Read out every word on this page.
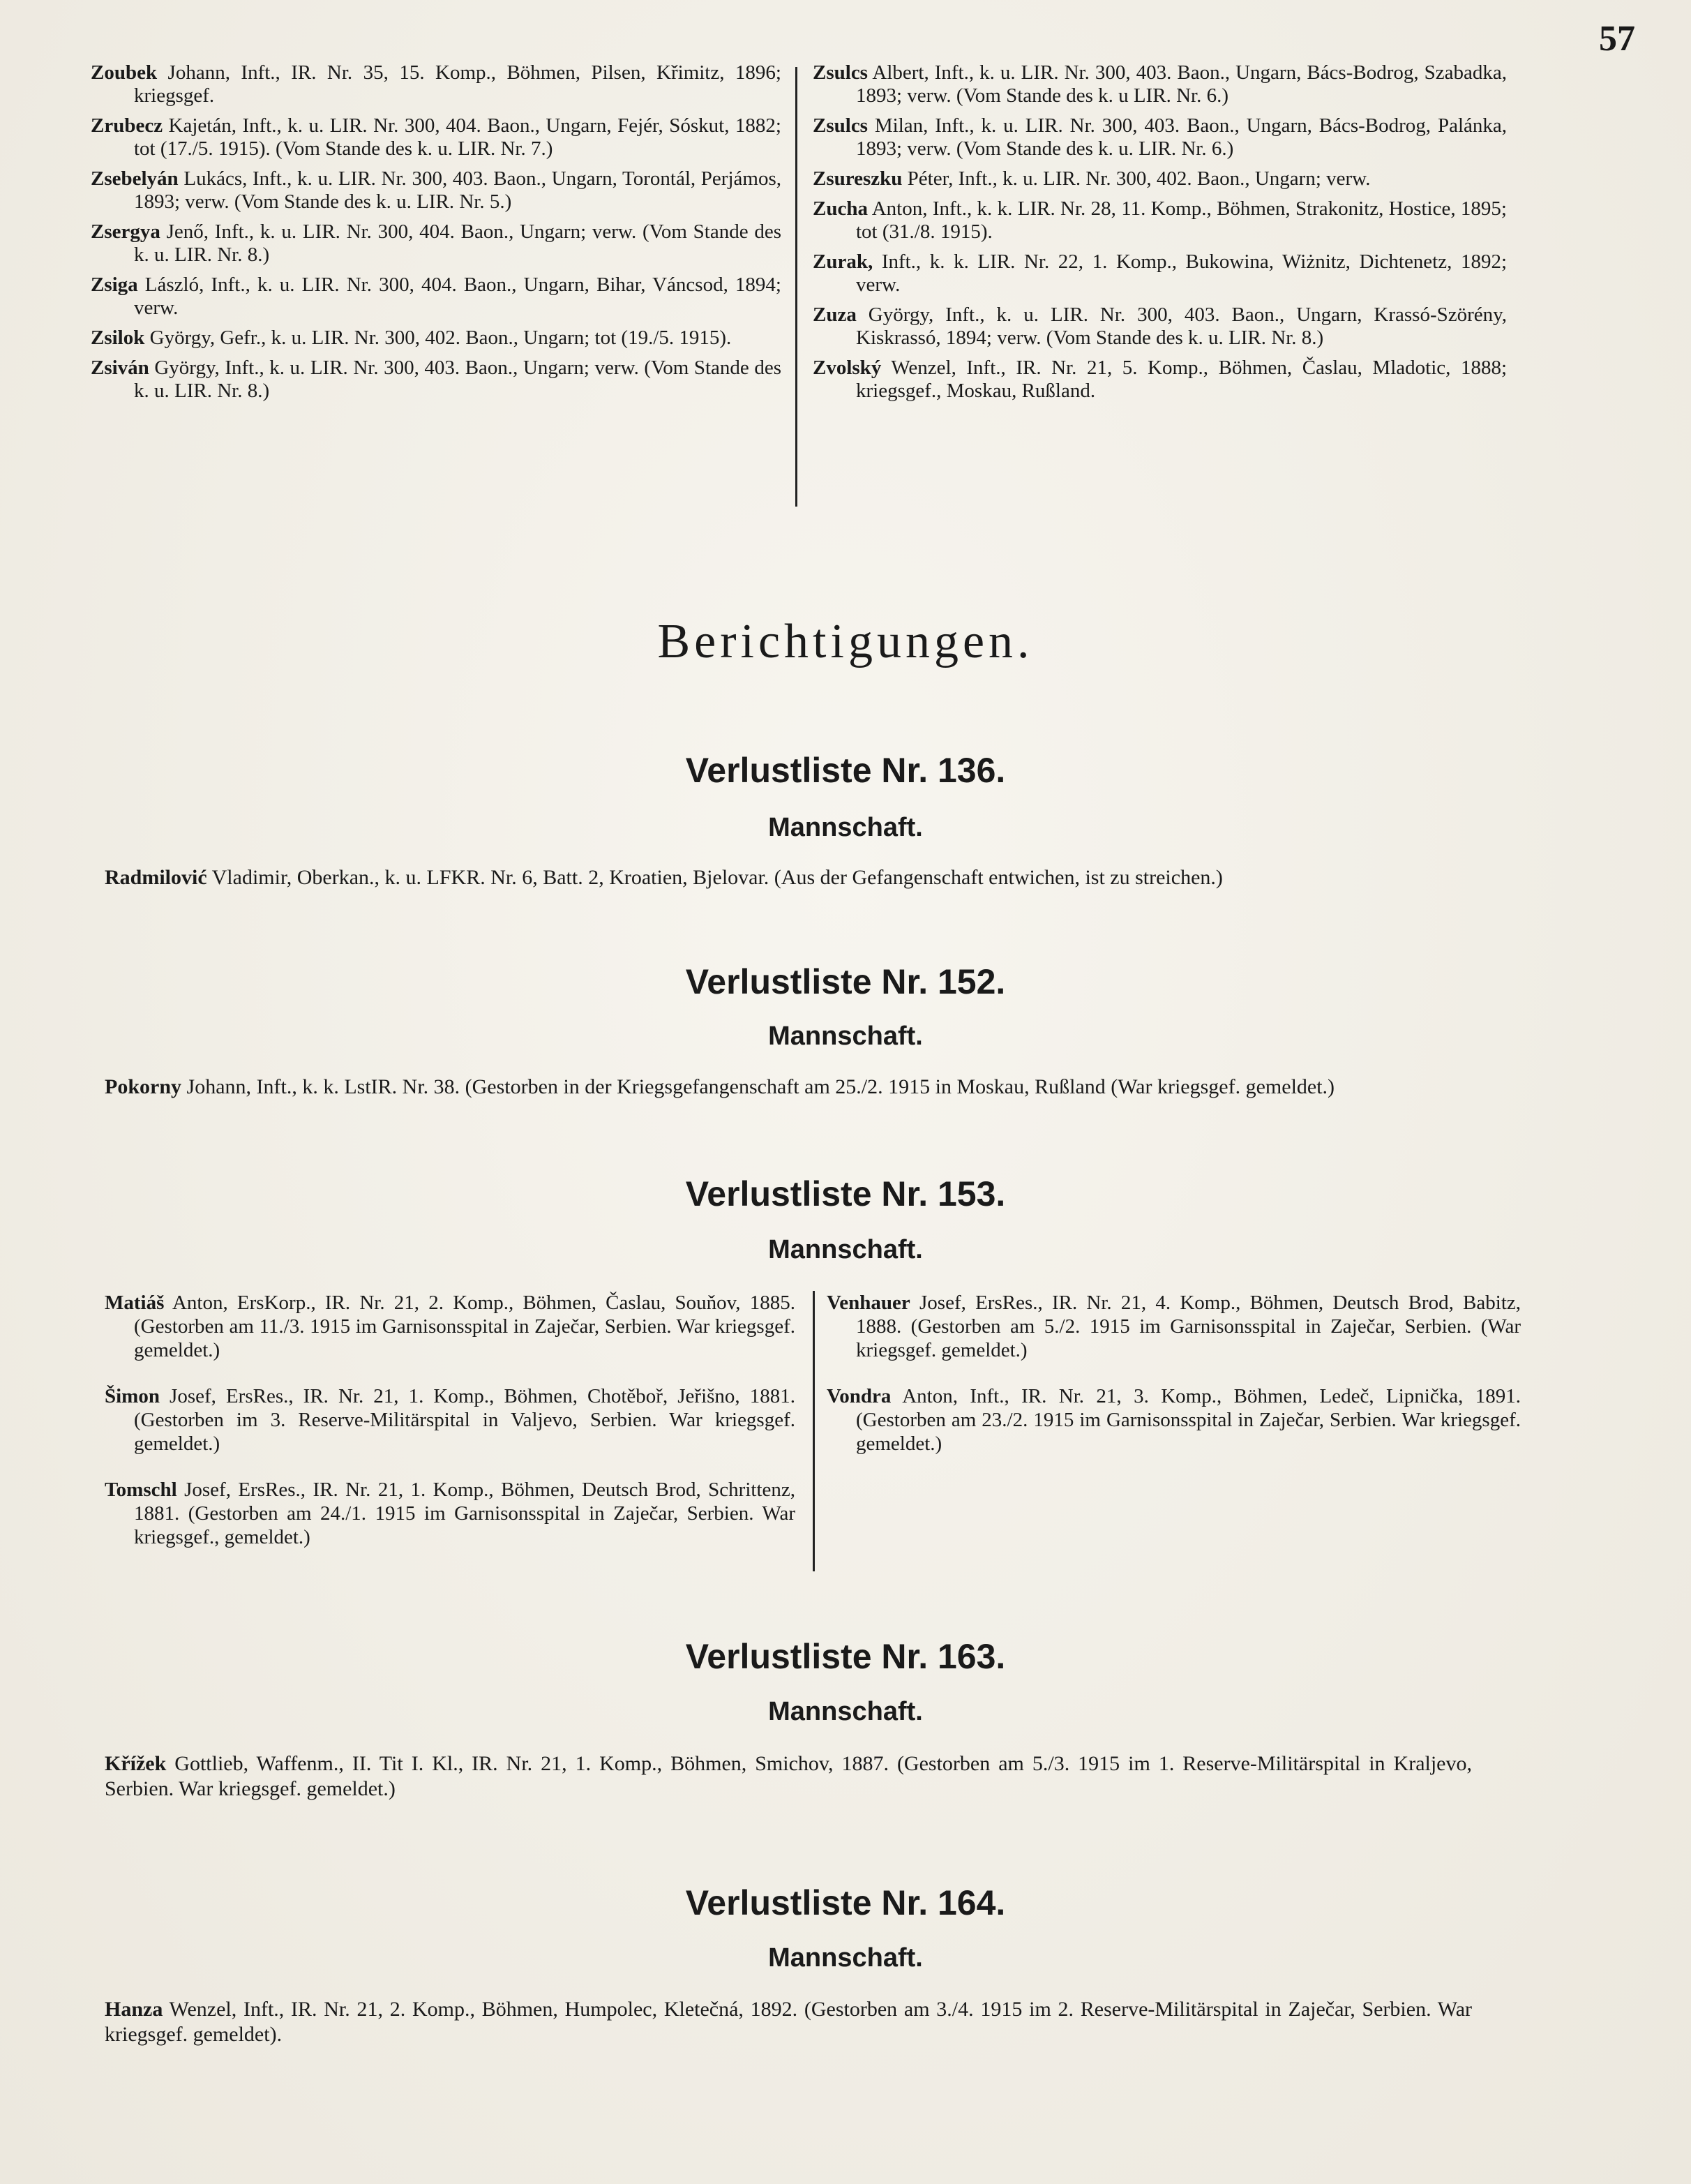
57
Zoubek Johann, Inft., IR. Nr. 35, 15. Komp., Böhmen, Pilsen, Křimitz, 1896; kriegsgef.
Zrubecz Kajetán, Inft., k. u. LIR. Nr. 300, 404. Baon., Ungarn, Fejér, Sóskut, 1882; tot (17./5. 1915). (Vom Stande des k. u. LIR. Nr. 7.)
Zsebelyán Lukács, Inft., k. u. LIR. Nr. 300, 403. Baon., Ungarn, Torontál, Perjámos, 1893; verw. (Vom Stande des k. u. LIR. Nr. 5.)
Zsergya Jenő, Inft., k. u. LIR. Nr. 300, 404. Baon., Ungarn; verw. (Vom Stande des k. u. LIR. Nr. 8.)
Zsiga László, Inft., k. u. LIR. Nr. 300, 404. Baon., Ungarn, Bihar, Váncsod, 1894; verw.
Zsilok György, Gefr., k. u. LIR. Nr. 300, 402. Baon., Ungarn; tot (19./5. 1915).
Zsiván György, Inft., k. u. LIR. Nr. 300, 403. Baon., Ungarn; verw. (Vom Stande des k. u. LIR. Nr. 8.)
Zsulcs Albert, Inft., k. u. LIR. Nr. 300, 403. Baon., Ungarn, Bács-Bodrog, Szabadka, 1893; verw. (Vom Stande des k. u LIR. Nr. 6.)
Zsulcs Milan, Inft., k. u. LIR. Nr. 300, 403. Baon., Ungarn, Bács-Bodrog, Palánka, 1893; verw. (Vom Stande des k. u. LIR. Nr. 6.)
Zsureszku Péter, Inft., k. u. LIR. Nr. 300, 402. Baon., Ungarn; verw.
Zucha Anton, Inft., k. k. LIR. Nr. 28, 11. Komp., Böhmen, Strakonitz, Hostice, 1895; tot (31./8. 1915).
Zurak, Inft., k. k. LIR. Nr. 22, 1. Komp., Bukowina, Wiżnitz, Dichtenetz, 1892; verw.
Zuza György, Inft., k. u. LIR. Nr. 300, 403. Baon., Ungarn, Krassó-Szörény, Kiskrassó, 1894; verw. (Vom Stande des k. u. LIR. Nr. 8.)
Zvolský Wenzel, Inft., IR. Nr. 21, 5. Komp., Böhmen, Časlau, Mladotic, 1888; kriegsgef., Moskau, Rußland.
Berichtigungen.
Verlustliste Nr. 136.
Mannschaft.
Radmilović Vladimir, Oberkan., k. u. LFKR. Nr. 6, Batt. 2, Kroatien, Bjelovar. (Aus der Gefangenschaft entwichen, ist zu streichen.)
Verlustliste Nr. 152.
Mannschaft.
Pokorny Johann, Inft., k. k. LstIR. Nr. 38. (Gestorben in der Kriegsgefangenschaft am 25./2. 1915 in Moskau, Rußland (War kriegsgef. gemeldet.)
Verlustliste Nr. 153.
Mannschaft.
Matiáš Anton, ErsKorp., IR. Nr. 21, 2. Komp., Böhmen, Časlau, Souňov, 1885. (Gestorben am 11./3. 1915 im Garnisonsspital in Zaječar, Serbien. War kriegsgef. gemeldet.)
Šimon Josef, ErsRes., IR. Nr. 21, 1. Komp., Böhmen, Chotěboř, Jeřišno, 1881. (Gestorben im 3. Reserve-Militärspital in Valjevo, Serbien. War kriegsgef. gemeldet.)
Tomschl Josef, ErsRes., IR. Nr. 21, 1. Komp., Böhmen, Deutsch Brod, Schrittenz, 1881. (Gestorben am 24./1. 1915 im Garnisonsspital in Zaječar, Serbien. War kriegsgef., gemeldet.)
Venhauer Josef, ErsRes., IR. Nr. 21, 4. Komp., Böhmen, Deutsch Brod, Babitz, 1888. (Gestorben am 5./2. 1915 im Garnisonsspital in Zaječar, Serbien. (War kriegsgef. gemeldet.)
Vondra Anton, Inft., IR. Nr. 21, 3. Komp., Böhmen, Ledeč, Lipnička, 1891. (Gestorben am 23./2. 1915 im Garnisonsspital in Zaječar, Serbien. War kriegsgef. gemeldet.)
Verlustliste Nr. 163.
Mannschaft.
Křížek Gottlieb, Waffenm., II. Tit I. Kl., IR. Nr. 21, 1. Komp., Böhmen, Smichov, 1887. (Gestorben am 5./3. 1915 im 1. Reserve-Militärspital in Kraljevo, Serbien. War kriegsgef. gemeldet.)
Verlustliste Nr. 164.
Mannschaft.
Hanza Wenzel, Inft., IR. Nr. 21, 2. Komp., Böhmen, Humpolec, Kletečná, 1892. (Gestorben am 3./4. 1915 im 2. Reserve-Militärspital in Zaječar, Serbien. War kriegsgef. gemeldet).
